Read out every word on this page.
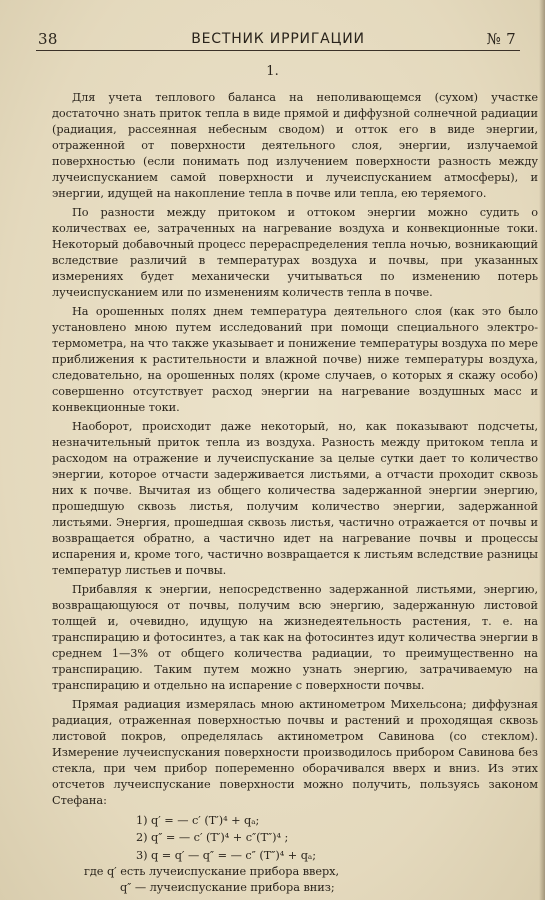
38	ВЕСТНИК ИРРИГАЦИИ	№ 7
1.

Для учета теплового баланса на неполивающемся (сухом) участке достаточно знать приток тепла в виде прямой и диффузной солнечной радиации (радиация, рассеянная небесным сводом) и отток его в виде энергии, отраженной от поверхности деятельного слоя, энергии, излучаемой поверхностью (если понимать под излучением поверхности разность между лучеиспусканием самой поверхности и лучеиспусканием атмосферы), и энергии, идущей на накопление тепла в почве или тепла, ею теряемого.

По разности между притоком и оттоком энергии можно судить о количествах ее, затраченных на нагревание воздуха и конвекционные токи. Некоторый добавочный процесс перераспределения тепла ночью, возникающий вследствие различий в температурах воздуха и почвы, при указанных измерениях будет механически учитываться по изменению потерь лучеиспусканием или по изменениям количеств тепла в почве.

На орошенных полях днем температура деятельного слоя (как это было установлено мною путем исследований при помощи специального электро-термометра, на что также указывает и понижение температуры воздуха по мере приближения к растительности и влажной почве) ниже температуры воздуха, следовательно, на орошенных полях (кроме случаев, о которых я скажу особо) совершенно отсутствует расход энергии на нагревание воздушных масс и конвекционные токи.

Наоборот, происходит даже некоторый, но, как показывают подсчеты, незначительный приток тепла из воздуха. Разность между притоком тепла и расходом на отражение и лучеиспускание за целые сутки дает то количество энергии, которое отчасти задерживается листьями, а отчасти проходит сквозь них к почве. Вычитая из общего количества задержанной энергии энергию, прошедшую сквозь листья, получим количество энергии, задержанной листьями. Энергия, прошедшая сквозь листья, частично отражается от почвы и возвращается обратно, а частично идет на нагревание почвы и процессы испарения и, кроме того, частично возвращается к листьям вследствие разницы температур листьев и почвы.

Прибавляя к энергии, непосредственно задержанной листьями, энергию, возвращающуюся от почвы, получим всю энергию, задержанную листовой толщей и, очевидно, идущую на жизнедеятельность растения, т. е. на транспирацию и фотосинтез, а так как на фотосинтез идут количества энергии в среднем 1—3% от общего количества радиации, то преимущественно на транспирацию. Таким путем можно узнать энергию, затрачиваемую на транспирацию и отдельно на испарение с поверхности почвы.

Прямая радиация измерялась мною актинометром Михельсона; диффузная радиация, отраженная поверхностью почвы и растений и проходящая сквозь листовой покров, определялась актинометром Савинова (со стеклом). Измерение лучеиспускания поверхности производилось прибором Савинова без стекла, при чем прибор попеременно оборачивался вверх и вниз. Из этих отсчетов лучеиспускание поверхности можно получить, пользуясь законом Стефана:

1) q′ = — c′ (T′)⁴ + qₐ;
2) q″ = — c′ (T′)⁴ + c″(T″)⁴ ;
3) q = q′ — q″ = — c″ (T″)⁴ + qₐ;
где q′ есть лучеиспускание прибора вверх,
q″ — лучеиспускание прибора вниз;
